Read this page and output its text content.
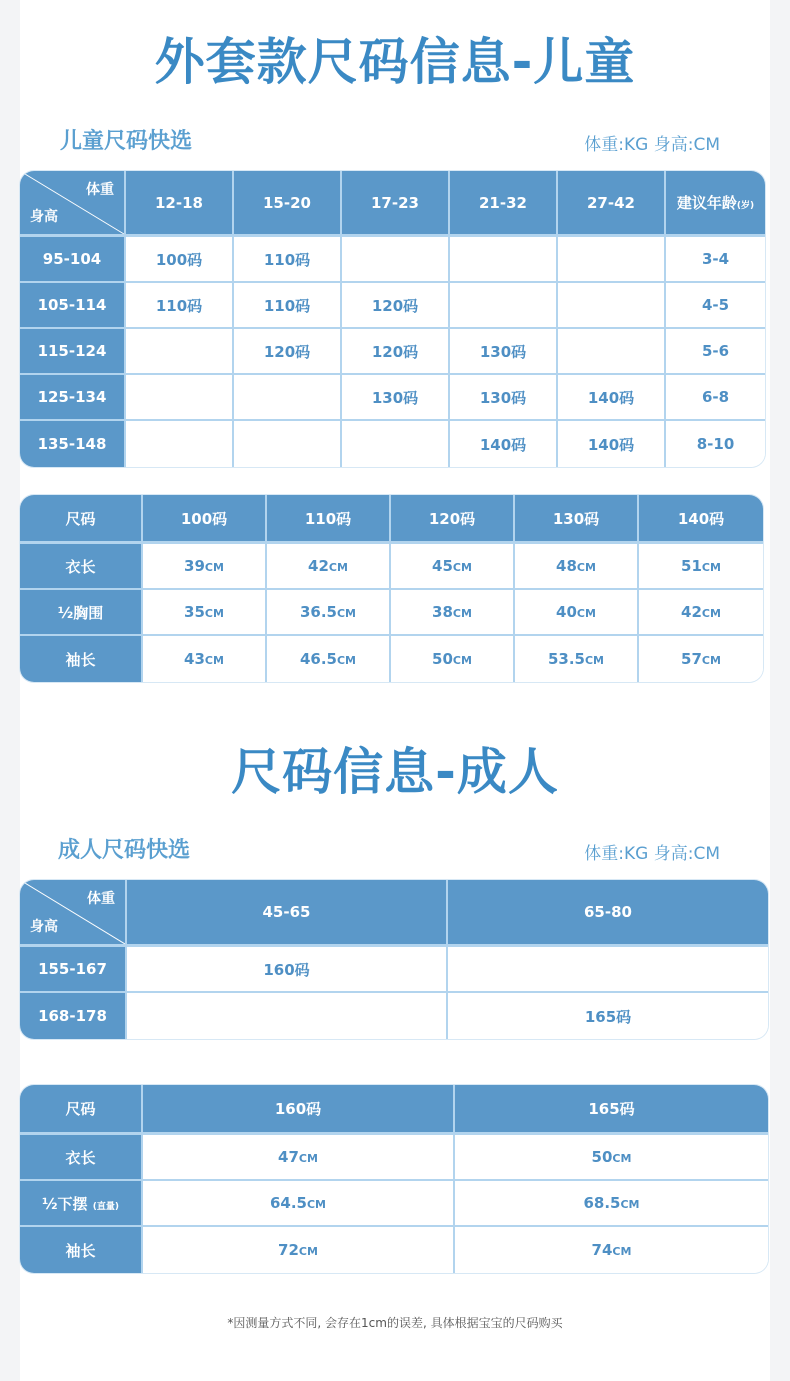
外套款尺码信息-儿童
儿童尺码快选	体重:KG 身高:CM
体重
身高	12-18	15-20	17-23	21-32	27-42	建议年龄(岁)
95-104	100码	110码				3-4
105-114	110码	110码	120码			4-5
115-124		120码	120码	130码		5-6
125-134			130码	130码	140码	6-8
135-148				140码	140码	8-10
尺码	100码	110码	120码	130码	140码
衣长	39CM	42CM	45CM	48CM	51CM
½胸围	35CM	36.5CM	38CM	40CM	42CM
袖长	43CM	46.5CM	50CM	53.5CM	57CM
尺码信息-成人
成人尺码快选	体重:KG 身高:CM
体重
身高	45-65	65-80
155-167	160码	
168-178		165码
尺码	160码	165码
衣长	47CM	50CM
½下摆 (直量)	64.5CM	68.5CM
袖长	72CM	74CM
*因测量方式不同, 会存在1cm的误差, 具体根据宝宝的尺码购买
